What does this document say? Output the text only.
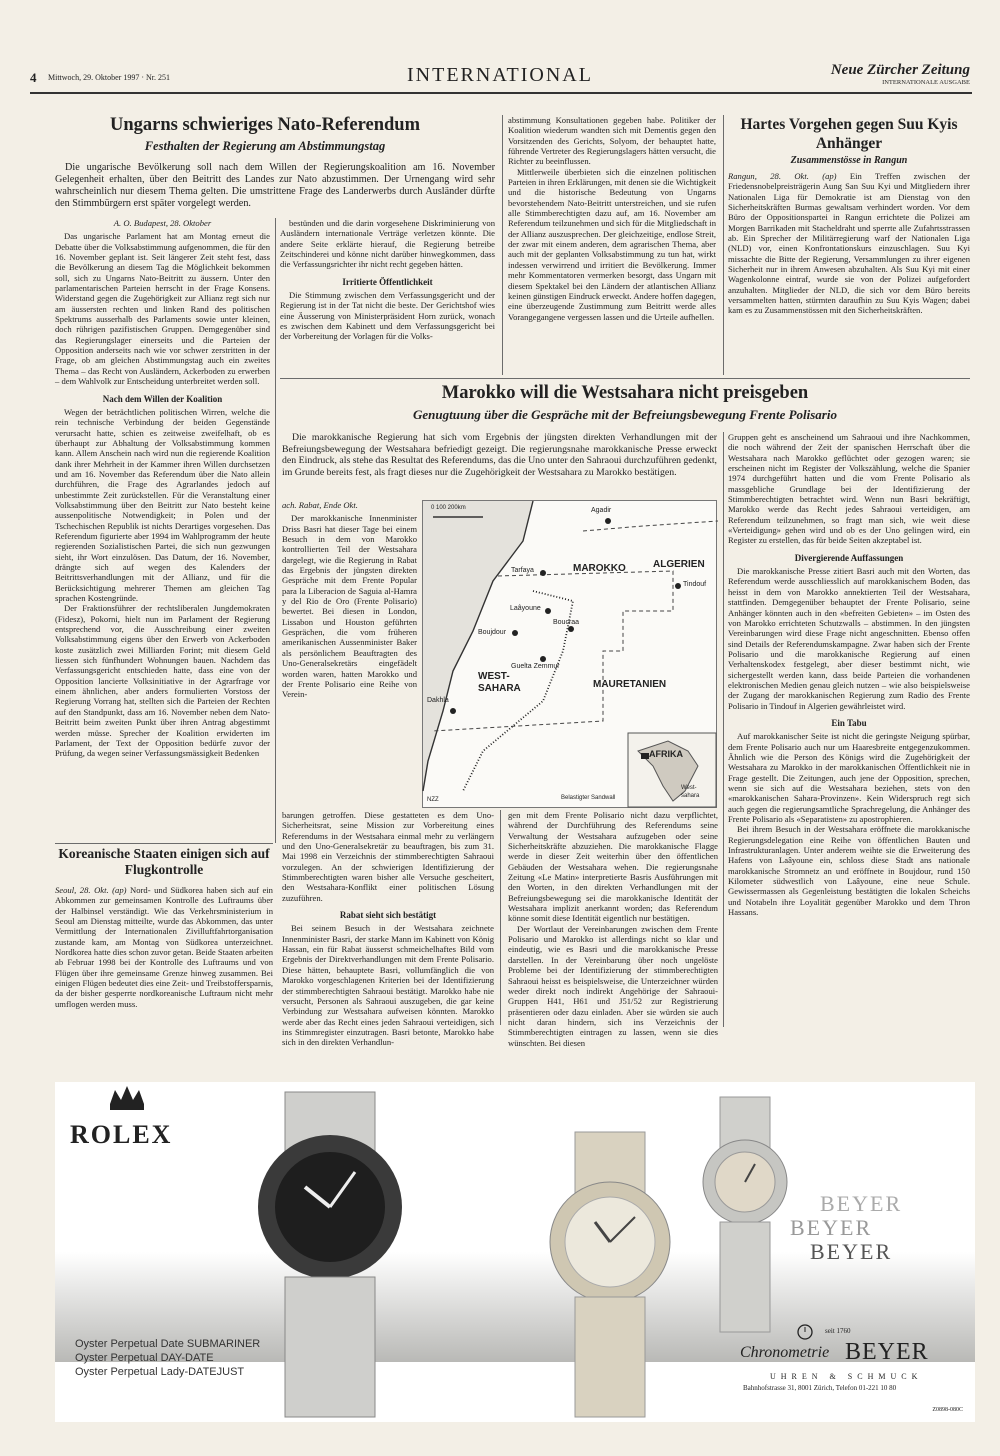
4 Mittwoch, 29. Oktober 1997 · Nr. 251	INTERNATIONAL	Neue Zürcher Zeitung
INTERNATIONALE AUSGABE
Ungarns schwieriges Nato-Referendum
Festhalten der Regierung am Abstimmungstag

Die ungarische Bevölkerung soll nach dem Willen der Regierungskoalition am 16. November Gelegenheit erhalten, über den Beitritt des Landes zur Nato abzustimmen. Der Urnengang wird sehr wahrscheinlich nur diesem Thema gelten. Die umstrittene Frage des Landerwerbs durch Ausländer dürfte den Stimmbürgern erst später vorgelegt werden.

A. O. Budapest, 28. Oktober

Das ungarische Parlament hat am Montag erneut die Debatte über die Volksabstimmung aufgenommen, die für den 16. November geplant ist. Seit längerer Zeit steht fest, dass die Bevölkerung an diesem Tag die Möglichkeit bekommen soll, sich zu Ungarns Nato-Beitritt zu äussern. Unter den parlamentarischen Parteien herrscht in der Frage Konsens. Widerstand gegen die Zugehörigkeit zur Allianz regt sich nur am äussersten rechten und linken Rand des politischen Spektrums ausserhalb des Parlaments sowie unter kleinen, doch rührigen pazifistischen Gruppen. Demgegenüber sind das Regierungslager einerseits und die Parteien der Opposition anderseits nach wie vor schwer zerstritten in der Frage, ob am gleichen Abstimmungstag auch ein zweites Thema – das Recht von Ausländern, Ackerboden zu erwerben – dem Wahlvolk zur Entscheidung unterbreitet werden soll.

Nach dem Willen der Koalition

Wegen der beträchtlichen politischen Wirren, welche die rein technische Verbindung der beiden Gegenstände verursacht hatte, schien es zeitweise zweifelhaft, ob es überhaupt zur Abhaltung der Volksabstimmung kommen kann. Allem Anschein nach wird nun die regierende Koalition dank ihrer Mehrheit in der Kammer ihren Willen durchsetzen und am 16. November das Referendum über die Nato allein durchführen, die Frage des Agrarlandes jedoch auf unbestimmte Zeit zurückstellen. Für die Veranstaltung einer Volksabstimmung über den Beitritt zur Nato besteht keine aussenpolitische Notwendigkeit; in Polen und der Tschechischen Republik ist nichts Derartiges vorgesehen. Das Referendum figurierte aber 1994 im Wahlprogramm der heute regierenden Sozialistischen Partei, die sich nun gezwungen sieht, ihr Wort einzulösen. Das Datum, der 16. November, drängte sich auf wegen des Kalenders der Beitrittsverhandlungen mit der Allianz, und für die Berücksichtigung mehrerer Themen am gleichen Tag sprachen Kostengründe.

Der Fraktionsführer der rechtsliberalen Jungdemokraten (Fidesz), Pokorni, hielt nun im Parlament der Regierung entsprechend vor, die Ausschreibung einer zweiten Volksabstimmung eigens über den Erwerb von Ackerboden koste zusätzlich zwei Milliarden Forint; mit diesem Geld liessen sich fünfhundert Wohnungen bauen. Nachdem das Verfassungsgericht entschieden hatte, dass eine von der Opposition lancierte Volksinitiative in der Agrarfrage vor einem ähnlichen, aber anders formulierten Vorstoss der Regierung Vorrang hat, stellten sich die Parteien der Rechten auf den Standpunkt, dass am 16. November neben dem Nato-Beitritt beim zweiten Punkt über ihren Antrag abgestimmt werden müsse. Sprecher der Koalition erwiderten im Parlament, der Text der Opposition bedürfe zuvor der Prüfung, da wegen seiner Verfassungsmässigkeit Bedenken

bestünden und die darin vorgesehene Diskriminierung von Ausländern internationale Verträge verletzen könnte. Die andere Seite erklärte hierauf, die Regierung betreibe Zeitschinderei und könne nicht darüber hinwegkommen, dass die Verfassungsrichter ihr nicht recht gegeben hätten.

Irritierte Öffentlichkeit

Die Stimmung zwischen dem Verfassungsgericht und der Regierung ist in der Tat nicht die beste. Der Gerichtshof wies eine Äusserung von Ministerpräsident Horn zurück, wonach es zwischen dem Kabinett und dem Verfassungsgericht bei der Vorbereitung der Vorlagen für die Volks-

abstimmung Konsultationen gegeben habe. Politiker der Koalition wiederum wandten sich mit Dementis gegen den Vorsitzenden des Gerichts, Solyom, der behauptet hatte, führende Vertreter des Regierungslagers hätten versucht, die Richter zu beeinflussen.

Mittlerweile überbieten sich die einzelnen politischen Parteien in ihren Erklärungen, mit denen sie die Wichtigkeit und die historische Bedeutung von Ungarns bevorstehendem Nato-Beitritt unterstreichen, und sie rufen alle Stimmberechtigten dazu auf, am 16. November am Referendum teilzunehmen und sich für die Mitgliedschaft in der Allianz auszusprechen. Der gleichzeitige, endlose Streit, der zwar mit einem anderen, dem agrarischen Thema, aber auch mit der geplanten Volksabstimmung zu tun hat, wirkt indessen verwirrend und irritiert die Bevölkerung. Immer mehr Kommentatoren vermerken besorgt, dass Ungarn mit diesem Spektakel bei den Ländern der atlantischen Allianz keinen günstigen Eindruck erweckt. Andere hoffen dagegen, eine überzeugende Zustimmung zum Beitritt werde alles Vorangegangene vergessen lassen und die Urteile aufhellen.

Hartes Vorgehen gegen Suu Kyis Anhänger
Zusammenstösse in Rangun

Rangun, 28. Okt. (ap) Ein Treffen zwischen der Friedensnobelpreisträgerin Aung San Suu Kyi und Mitgliedern ihrer Nationalen Liga für Demokratie ist am Dienstag von den Sicherheitskräften Burmas gewaltsam verhindert worden. Vor dem Büro der Oppositionspartei in Rangun errichtete die Polizei am Morgen Barrikaden mit Stacheldraht und sperrte alle Zufahrtsstrassen ab. Ein Sprecher der Militärregierung warf der Nationalen Liga (NLD) vor, einen Konfrontationskurs einzuschlagen. Suu Kyi missachte die Bitte der Regierung, Versammlungen zu ihrer eigenen Sicherheit nur in ihrem Anwesen abzuhalten. Als Suu Kyi mit einer Wagenkolonne eintraf, wurde sie von der Polizei aufgefordert anzuhalten. Mitglieder der NLD, die sich vor dem Büro bereits versammelten hatten, stürmten daraufhin zu Suu Kyis Wagen; dabei kam es zu Zusammenstössen mit den Sicherheitskräften.

Koreanische Staaten einigen sich auf Flugkontrolle

Seoul, 28. Okt. (ap) Nord- und Südkorea haben sich auf ein Abkommen zur gemeinsamen Kontrolle des Luftraums über der Halbinsel verständigt. Wie das Verkehrsministerium in Seoul am Dienstag mitteilte, wurde das Abkommen, das unter Vermittlung der Internationalen Zivilluftfahrtorganisation zustande kam, am Montag von Südkorea unterzeichnet. Nordkorea hatte dies schon zuvor getan. Beide Staaten arbeiten ab Februar 1998 bei der Kontrolle des Luftraums und von Flügen über ihre gemeinsame Grenze hinweg zusammen. Bei einigen Flügen bedeutet dies eine Zeit- und Treibstoffersparnis, da der bisher gesperrte nordkoreanische Luftraum nicht mehr umflogen werden muss.

Marokko will die Westsahara nicht preisgeben
Genugtuung über die Gespräche mit der Befreiungsbewegung Frente Polisario

Die marokkanische Regierung hat sich vom Ergebnis der jüngsten direkten Verhandlungen mit der Befreiungsbewegung der Westsahara befriedigt gezeigt. Die regierungsnahe marokkanische Presse erweckt den Eindruck, als stehe das Resultat des Referendums, das die Uno unter den Sahraoui durchzuführen gedenkt, im Grunde bereits fest, als fragt dieses nur die Zugehörigkeit der Westsahara zu Marokko bestätigen.

ach. Rabat, Ende Okt.

Der marokkanische Innenminister Driss Basri hat dieser Tage bei einem Besuch in dem von Marokko kontrollierten Teil der Westsahara dargelegt, wie die Regierung in Rabat das Ergebnis der jüngsten direkten Gespräche mit dem Frente Popular para la Liberacion de Saguia al-Hamra y del Rio de Oro (Frente Polisario) bewertet. Bei diesen in London, Lissabon und Houston geführten Gesprächen, die vom früheren amerikanischen Aussenminister Baker als persönlichem Beauftragten des Uno-Generalsekretärs eingefädelt worden waren, hatten Marokko und der Frente Polisario eine Reihe von Verein-

0 100 200km	Agadir
MAROKKO	ALGERIEN
Tarfaya
Tindouf
Laâyoune
Boucraa
Boujdour
Guelta Zemmur
WEST-
SAHARA	MAURETANIEN
Dakhla
AFRIKA
West-
sahara
Belastigter Sandwall
NZZ

barungen getroffen. Diese gestatteten es dem Uno-Sicherheitsrat, seine Mission zur Vorbereitung eines Referendums in der Westsahara einmal mehr zu verlängern und den Uno-Generalsekretär zu beauftragen, bis zum 31. Mai 1998 ein Verzeichnis der stimmberechtigten Sahraoui vorzulegen. An der schwierigen Identifizierung der Stimmberechtigten waren bisher alle Versuche gescheitert, den Westsahara-Konflikt einer politischen Lösung zuzuführen.

Rabat sieht sich bestätigt

Bei seinem Besuch in der Westsahara zeichnete Innenminister Basri, der starke Mann im Kabinett von König Hassan, ein für Rabat äusserst schmeichelhaftes Bild vom Ergebnis der Direktverhandlungen mit dem Frente Polisario. Diese hätten, behauptete Basri, vollumfänglich die von Marokko vorgeschlagenen Kriterien bei der Identifizierung der stimmberechtigten Sahraoui bestätigt. Marokko habe nie versucht, Personen als Sahraoui auszugeben, die gar keine Verbindung zur Westsahara aufweisen könnten. Marokko werde aber das Recht eines jeden Sahraoui verteidigen, sich ins Stimmregister einzutragen. Basri betonte, Marokko habe sich in den direkten Verhandlun-

gen mit dem Frente Polisario nicht dazu verpflichtet, während der Durchführung des Referendums seine Verwaltung der Westsahara aufzugeben oder seine Sicherheitskräfte abzuziehen. Die marokkanische Flagge werde in dieser Zeit weiterhin über den öffentlichen Gebäuden der Westsahara wehen. Die regierungsnahe Zeitung «Le Matin» interpretierte Basris Ausführungen mit den Worten, in den direkten Verhandlungen mit der Befreiungsbewegung sei die marokkanische Identität der Westsahara implizit anerkannt worden; das Referendum könne somit diese Identität eigentlich nur bestätigen.

Der Wortlaut der Vereinbarungen zwischen dem Frente Polisario und Marokko ist allerdings nicht so klar und eindeutig, wie es Basri und die marokkanische Presse darstellen. In der Vereinbarung über noch ungelöste Probleme bei der Identifizierung der stimmberechtigten Sahraoui heisst es beispielsweise, die Unterzeichner würden weder direkt noch indirekt Angehörige der Sahraoui-Gruppen H41, H61 und J51/52 zur Registrierung präsentieren oder dazu einladen. Aber sie würden sie auch nicht daran hindern, sich ins Verzeichnis der Stimmberechtigten eintragen zu lassen, wenn sie dies wünschten. Bei diesen

Gruppen geht es anscheinend um Sahraoui und ihre Nachkommen, die noch während der Zeit der spanischen Herrschaft über die Westsahara nach Marokko geflüchtet oder gezogen waren; sie erscheinen nicht im Register der Volkszählung, welche die Spanier 1974 durchgeführt hatten und die vom Frente Polisario als massgebliche Grundlage bei der Identifizierung der Stimmberechtigten betrachtet wird. Wenn nun Basri bekräftigt, Marokko werde das Recht jedes Sahraoui verteidigen, am Referendum teilzunehmen, so fragt man sich, wie weit diese «Verteidigung» gehen wird und ob es der Uno gelingen wird, ein Register zu erstellen, das für beide Seiten akzeptabel ist.

Divergierende Auffassungen

Die marokkanische Presse zitiert Basri auch mit den Worten, das Referendum werde ausschliesslich auf marokkanischem Boden, das heisst in dem von Marokko annektierten Teil der Westsahara, stattfinden. Demgegenüber behauptet der Frente Polisario, seine Anhänger könnten auch in den «befreiten Gebieten» – im Osten des von Marokko errichteten Schutzwalls – abstimmen. In den jüngsten Vereinbarungen wird diese Frage nicht angeschnitten. Ebenso offen sind Details der Referendumskampagne. Zwar haben sich der Frente Polisario und die marokkanische Regierung auf einen Verhaltenskodex festgelegt, aber dieser bestimmt nicht, wie sichergestellt werden kann, dass beide Parteien die vorhandenen elektronischen Medien genau gleich nutzen – wie also beispielsweise der Zugang der marokkanischen Regierung zum Radio des Frente Polisario in Tindouf in Algerien gewährleistet wird.

Ein Tabu

Auf marokkanischer Seite ist nicht die geringste Neigung spürbar, dem Frente Polisario auch nur um Haaresbreite entgegenzukommen. Ähnlich wie die Person des Königs wird die Zugehörigkeit der Westsahara zu Marokko in der marokkanischen Öffentlichkeit nie in Frage gestellt. Die Zeitungen, auch jene der Opposition, sprechen, wenn sie sich auf die Westsahara beziehen, stets von den «marokkanischen Sahara-Provinzen». Kein Widerspruch regt sich auch gegen die regierungsamtliche Sprachregelung, die Anhänger des Frente Polisario als «Separatisten» zu apostrophieren.

Bei ihrem Besuch in der Westsahara eröffnete die marokkanische Regierungsdelegation eine Reihe von öffentlichen Bauten und Infrastrukturanlagen. Unter anderem weihte sie die Erweiterung des Hafens von Laâyoune ein, schloss diese Stadt ans nationale marokkanische Stromnetz an und eröffnete in Boujdour, rund 150 Kilometer südwestlich von Laâyoune, eine neue Schule. Gewissermassen als Gegenleistung bestätigten die lokalen Scheichs und Notabeln ihre Loyalität gegenüber Marokko und dem Thron Hassans.

ROLEX
Oyster Perpetual Date SUBMARINER
Oyster Perpetual DAY-DATE
Oyster Perpetual Lady-DATEJUST
BEYER
BEYER
BEYER
seit 1760
Chronometrie BEYER
UHREN & SCHMUCK
Bahnhofstrasse 31, 8001 Zürich, Telefon 01-221 10 80
Z0898-080C
